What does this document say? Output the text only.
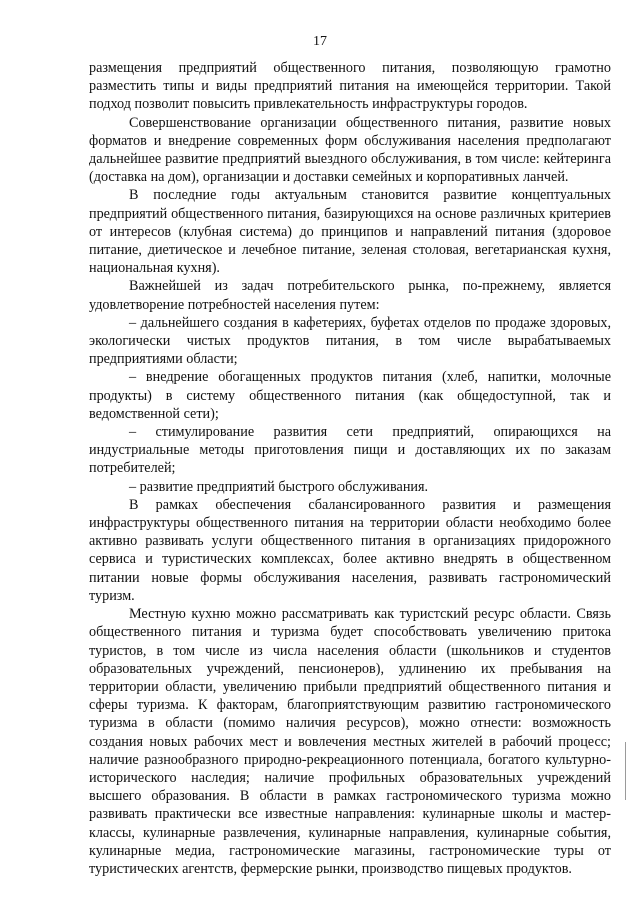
17

размещения предприятий общественного питания, позволяющую грамотно разместить типы и виды предприятий питания на имеющейся территории. Такой подход позволит повысить привлекательность инфраструктуры городов.

Совершенствование организации общественного питания, развитие новых форматов и внедрение современных форм обслуживания населения предполагают дальнейшее развитие предприятий выездного обслуживания, в том числе: кейтеринга (доставка на дом), организации и доставки семейных и корпоративных ланчей.

В последние годы актуальным становится развитие концептуальных предприятий общественного питания, базирующихся на основе различных критериев от интересов (клубная система) до принципов и направлений питания (здоровое питание, диетическое и лечебное питание, зеленая столовая, вегетарианская кухня, национальная кухня).

Важнейшей из задач потребительского рынка, по-прежнему, является удовлетворение потребностей населения путем:

– дальнейшего создания в кафетериях, буфетах отделов по продаже здоровых, экологически чистых продуктов питания, в том числе вырабатываемых предприятиями области;

– внедрение обогащенных продуктов питания (хлеб, напитки, молочные продукты) в систему общественного питания (как общедоступной, так и ведомственной сети);

– стимулирование развития сети предприятий, опирающихся на индустриальные методы приготовления пищи и доставляющих их по заказам потребителей;

– развитие предприятий быстрого обслуживания.

В рамках обеспечения сбалансированного развития и размещения инфраструктуры общественного питания на территории области необходимо более активно развивать услуги общественного питания в организациях придорожного сервиса и туристических комплексах, более активно внедрять в общественном питании новые формы обслуживания населения, развивать гастрономический туризм.

Местную кухню можно рассматривать как туристский ресурс области. Связь общественного питания и туризма будет способствовать увеличению притока туристов, в том числе из числа населения области (школьников и студентов образовательных учреждений, пенсионеров), удлинению их пребывания на территории области, увеличению прибыли предприятий общественного питания и сферы туризма. К факторам, благоприятствующим развитию гастрономического туризма в области (помимо наличия ресурсов), можно отнести: возможность создания новых рабочих мест и вовлечения местных жителей в рабочий процесс; наличие разнообразного природно-рекреационного потенциала, богатого культурно-исторического наследия; наличие профильных образовательных учреждений высшего образования. В области в рамках гастрономического туризма можно развивать практически все известные направления: кулинарные школы и мастер-классы, кулинарные развлечения, кулинарные направления, кулинарные события, кулинарные медиа, гастрономические магазины, гастрономические туры от туристических агентств, фермерские рынки, производство пищевых продуктов.
